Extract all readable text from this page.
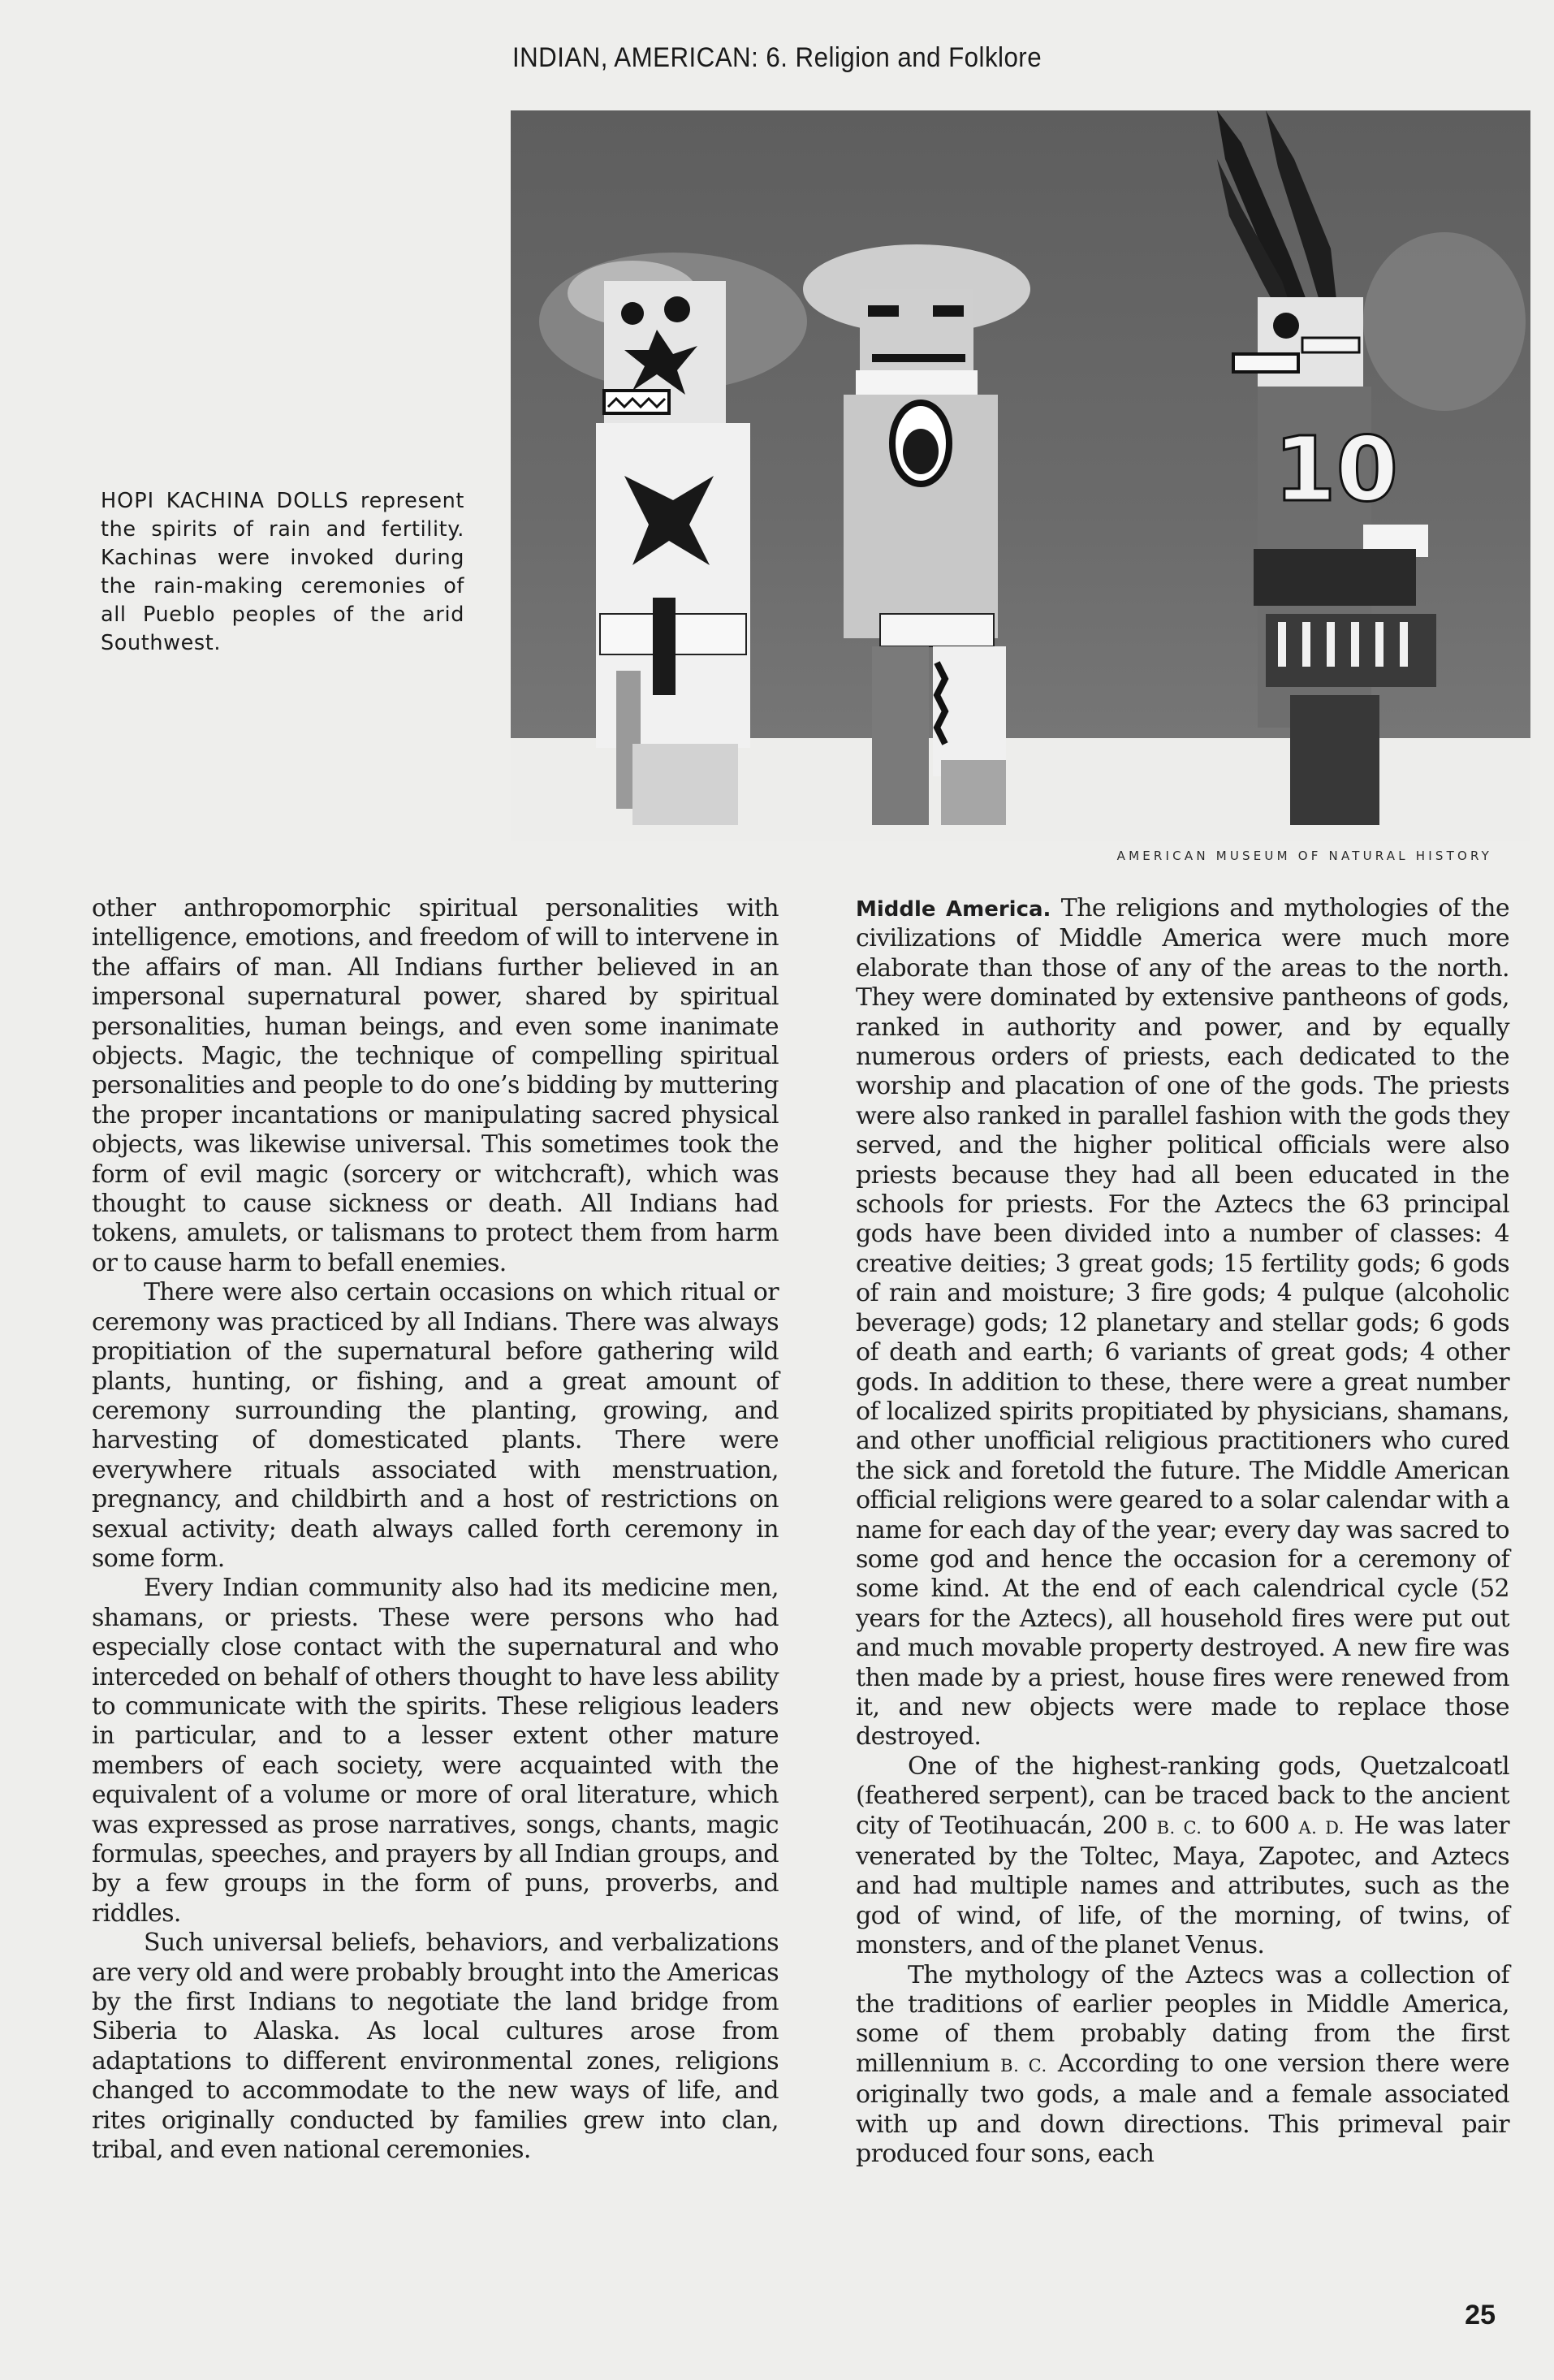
INDIAN, AMERICAN: 6. Religion and Folklore
HOPI KACHINA DOLLS represent the spirits of rain and fertility. Kachinas were invoked during the rain-making ceremonies of all Pueblo peoples of the arid Southwest.
10
AMERICAN MUSEUM OF NATURAL HISTORY

other anthropomorphic spiritual personalities with intelligence, emotions, and freedom of will to intervene in the affairs of man. All Indians further believed in an impersonal supernatural power, shared by spiritual personalities, human beings, and even some inanimate objects. Magic, the technique of compelling spiritual personalities and people to do one’s bidding by muttering the proper incantations or manipulating sacred physical objects, was likewise universal. This sometimes took the form of evil magic (sorcery or witchcraft), which was thought to cause sickness or death. All Indians had tokens, amulets, or talismans to protect them from harm or to cause harm to befall enemies.

There were also certain occasions on which ritual or ceremony was practiced by all Indians. There was always propitiation of the supernatural before gathering wild plants, hunting, or fishing, and a great amount of ceremony surrounding the planting, growing, and harvesting of domesticated plants. There were everywhere rituals associated with menstruation, pregnancy, and childbirth and a host of restrictions on sexual activity; death always called forth ceremony in some form.

Every Indian community also had its medicine men, shamans, or priests. These were persons who had especially close contact with the supernatural and who interceded on behalf of others thought to have less ability to communicate with the spirits. These religious leaders in particular, and to a lesser extent other mature members of each society, were acquainted with the equivalent of a volume or more of oral literature, which was expressed as prose narratives, songs, chants, magic formulas, speeches, and prayers by all Indian groups, and by a few groups in the form of puns, proverbs, and riddles.

Such universal beliefs, behaviors, and verbalizations are very old and were probably brought into the Americas by the first Indians to negotiate the land bridge from Siberia to Alaska. As local cultures arose from adaptations to different environmental zones, religions changed to accommodate to the new ways of life, and rites originally conducted by families grew into clan, tribal, and even national ceremonies.

Middle America. The religions and mythologies of the civilizations of Middle America were much more elaborate than those of any of the areas to the north. They were dominated by extensive pantheons of gods, ranked in authority and power, and by equally numerous orders of priests, each dedicated to the worship and placation of one of the gods. The priests were also ranked in parallel fashion with the gods they served, and the higher political officials were also priests because they had all been educated in the schools for priests. For the Aztecs the 63 principal gods have been divided into a number of classes: 4 creative deities; 3 great gods; 15 fertility gods; 6 gods of rain and moisture; 3 fire gods; 4 pulque (alcoholic beverage) gods; 12 planetary and stellar gods; 6 gods of death and earth; 6 variants of great gods; 4 other gods. In addition to these, there were a great number of localized spirits propitiated by physicians, shamans, and other unofficial religious practitioners who cured the sick and foretold the future. The Middle American official religions were geared to a solar calendar with a name for each day of the year; every day was sacred to some god and hence the occasion for a ceremony of some kind. At the end of each calendrical cycle (52 years for the Aztecs), all household fires were put out and much movable property destroyed. A new fire was then made by a priest, house fires were renewed from it, and new objects were made to replace those destroyed.

One of the highest-ranking gods, Quetzalcoatl (feathered serpent), can be traced back to the ancient city of Teotihuacán, 200 B. C. to 600 A. D. He was later venerated by the Toltec, Maya, Zapotec, and Aztecs and had multiple names and attributes, such as the god of wind, of life, of the morning, of twins, of monsters, and of the planet Venus.

The mythology of the Aztecs was a collection of the traditions of earlier peoples in Middle America, some of them probably dating from the first millennium B. C. According to one version there were originally two gods, a male and a female associated with up and down directions. This primeval pair produced four sons, each

25
